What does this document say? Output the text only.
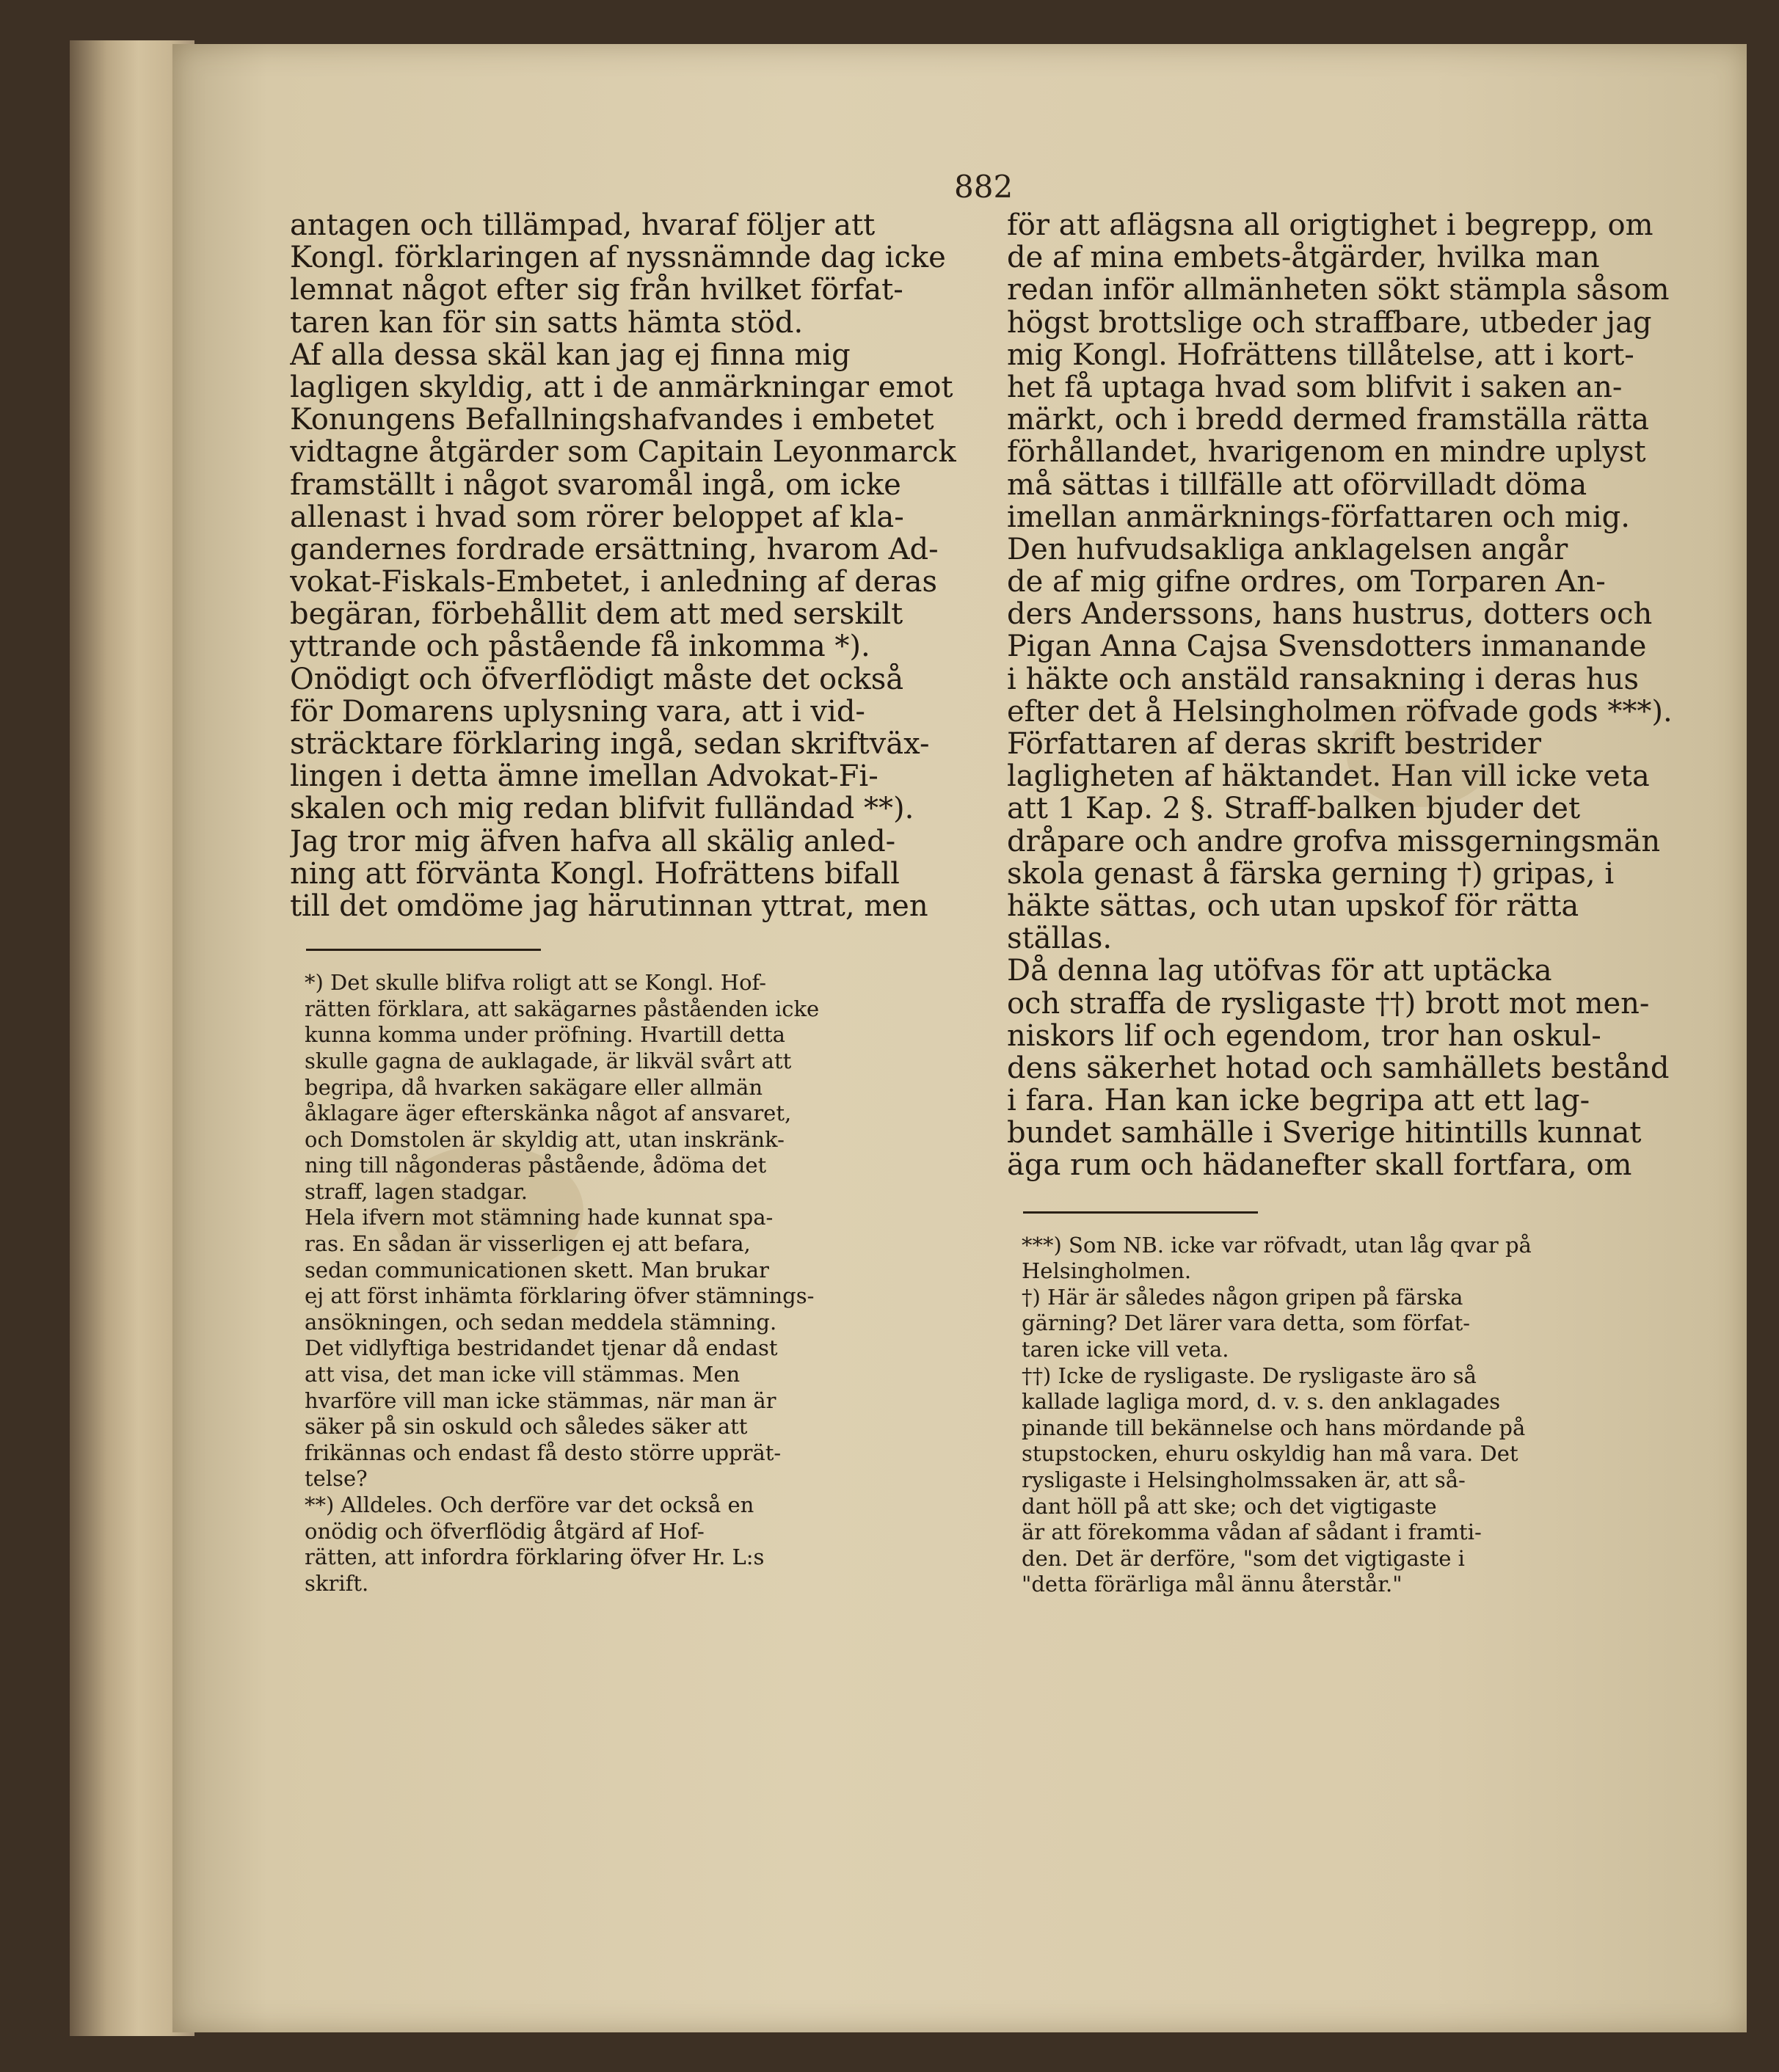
882
antagen och tillämpad, hvaraf följer att
Kongl. förklaringen af nyssnämnde dag icke
lemnat något efter sig från hvilket förfat-
taren kan för sin satts hämta stöd.
Af alla dessa skäl kan jag ej finna mig
lagligen skyldig, att i de anmärkningar emot
Konungens Befallningshafvandes i embetet
vidtagne åtgärder som Capitain Leyonmarck
framställt i något svaromål ingå, om icke
allenast i hvad som rörer beloppet af kla-
gandernes fordrade ersättning, hvarom Ad-
vokat-Fiskals-Embetet, i anledning af deras
begäran, förbehållit dem att med serskilt
yttrande och påstående få inkomma *).
Onödigt och öfverflödigt måste det också
för Domarens uplysning vara, att i vid-
sträcktare förklaring ingå, sedan skriftväx-
lingen i detta ämne imellan Advokat-Fi-
skalen och mig redan blifvit fulländad **).
Jag tror mig äfven hafva all skälig anled-
ning att förvänta Kongl. Hofrättens bifall
till det omdöme jag härutinnan yttrat, men
*) Det skulle blifva roligt att se Kongl. Hof-
rätten förklara, att sakägarnes påståenden icke
kunna komma under pröfning. Hvartill detta
skulle gagna de auklagade, är likväl svårt att
begripa, då hvarken sakägare eller allmän
åklagare äger efterskänka något af ansvaret,
och Domstolen är skyldig att, utan inskränk-
ning till någonderas påstående, ådöma det
straff, lagen stadgar.
Hela ifvern mot stämning hade kunnat spa-
ras. En sådan är visserligen ej att befara,
sedan communicationen skett. Man brukar
ej att först inhämta förklaring öfver stämnings-
ansökningen, och sedan meddela stämning.
Det vidlyftiga bestridandet tjenar då endast
att visa, det man icke vill stämmas. Men
hvarföre vill man icke stämmas, när man är
säker på sin oskuld och således säker att
frikännas och endast få desto större upprät-
telse?
**) Alldeles. Och derföre var det också en
onödig och öfverflödig åtgärd af Hof-
rätten, att infordra förklaring öfver Hr. L:s
skrift.
för att aflägsna all origtighet i begrepp, om
de af mina embets-åtgärder, hvilka man
redan inför allmänheten sökt stämpla såsom
högst brottslige och straffbare, utbeder jag
mig Kongl. Hofrättens tillåtelse, att i kort-
het få uptaga hvad som blifvit i saken an-
märkt, och i bredd dermed framställa rätta
förhållandet, hvarigenom en mindre uplyst
må sättas i tillfälle att oförvilladt döma
imellan anmärknings-författaren och mig.
Den hufvudsakliga anklagelsen angår
de af mig gifne ordres, om Torparen An-
ders Anderssons, hans hustrus, dotters och
Pigan Anna Cajsa Svensdotters inmanande
i häkte och anstäld ransakning i deras hus
efter det å Helsingholmen röfvade gods ***).
Författaren af deras skrift bestrider
lagligheten af häktandet. Han vill icke veta
att 1 Kap. 2 §. Straff-balken bjuder det
dråpare och andre grofva missgerningsmän
skola genast å färska gerning †) gripas, i
häkte sättas, och utan upskof för rätta
ställas.
Då denna lag utöfvas för att uptäcka
och straffa de rysligaste ††) brott mot men-
niskors lif och egendom, tror han oskul-
dens säkerhet hotad och samhällets bestånd
i fara. Han kan icke begripa att ett lag-
bundet samhälle i Sverige hitintills kunnat
äga rum och hädanefter skall fortfara, om
***) Som NB. icke var röfvadt, utan låg qvar på
Helsingholmen.
†) Här är således någon gripen på färska
gärning? Det lärer vara detta, som förfat-
taren icke vill veta.
††) Icke de rysligaste. De rysligaste äro så
kallade lagliga mord, d. v. s. den anklagades
pinande till bekännelse och hans mördande på
stupstocken, ehuru oskyldig han må vara. Det
rysligaste i Helsingholmssaken är, att så-
dant höll på att ske; och det vigtigaste
är att förekomma vådan af sådant i framti-
den. Det är derföre, "som det vigtigaste i
"detta förärliga mål ännu återstår."
